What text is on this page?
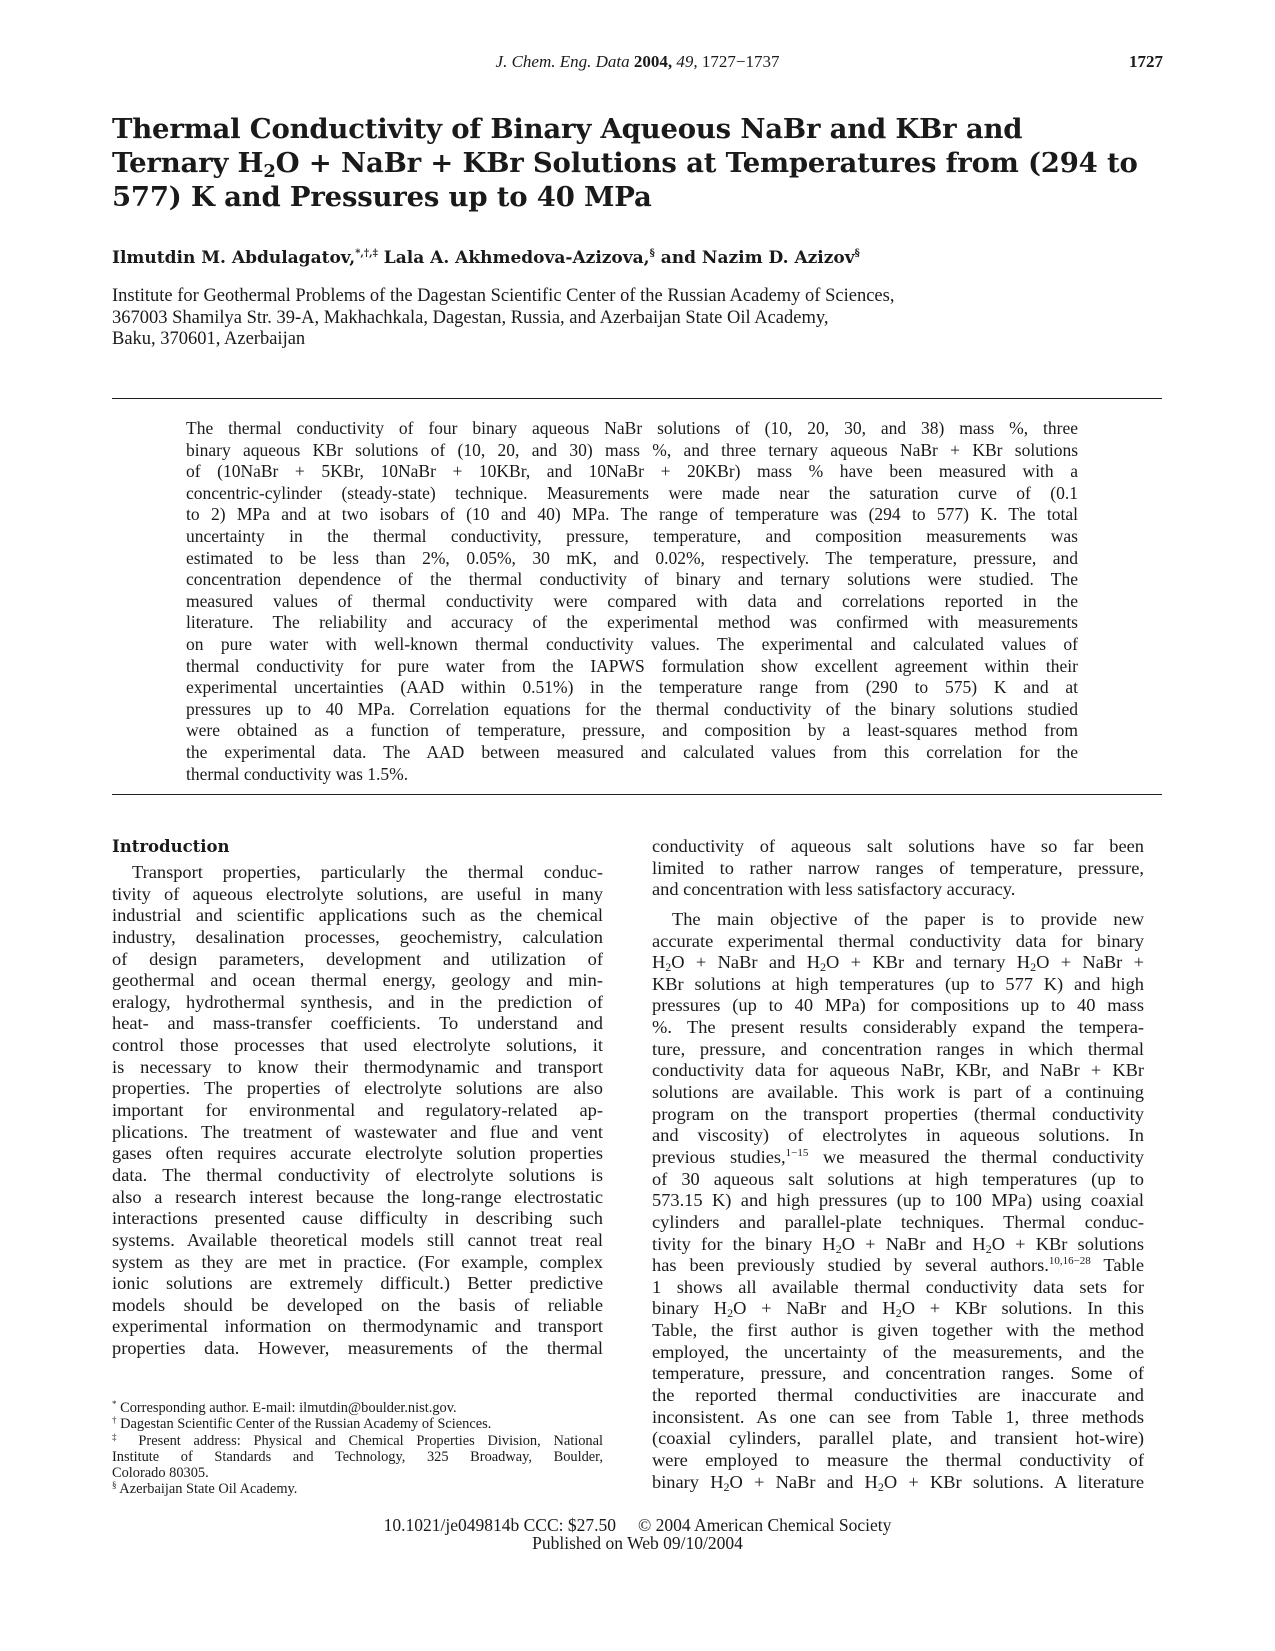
J. Chem. Eng. Data 2004, 49, 1727−1737	1727
Thermal Conductivity of Binary Aqueous NaBr and KBr and
Ternary $H_2O$ + NaBr + KBr Solutions at Temperatures from (294 to
577) K and Pressures up to 40 MPa
Ilmutdin M. Abdulagatov,*,†,‡ Lala A. Akhmedova-Azizova,§ and Nazim D. Azizov§
Institute for Geothermal Problems of the Dagestan Scientific Center of the Russian Academy of Sciences,
367003 Shamilya Str. 39-A, Makhachkala, Dagestan, Russia, and Azerbaijan State Oil Academy,
Baku, 370601, Azerbaijan
The thermal conductivity of four binary aqueous NaBr solutions of (10, 20, 30, and 38) mass %, three
binary aqueous KBr solutions of (10, 20, and 30) mass %, and three ternary aqueous NaBr + KBr solutions
of (10NaBr + 5KBr, 10NaBr + 10KBr, and 10NaBr + 20KBr) mass % have been measured with a
concentric-cylinder (steady-state) technique. Measurements were made near the saturation curve of (0.1
to 2) MPa and at two isobars of (10 and 40) MPa. The range of temperature was (294 to 577) K. The total
uncertainty in the thermal conductivity, pressure, temperature, and composition measurements was
estimated to be less than 2%, 0.05%, 30 mK, and 0.02%, respectively. The temperature, pressure, and
concentration dependence of the thermal conductivity of binary and ternary solutions were studied. The
measured values of thermal conductivity were compared with data and correlations reported in the
literature. The reliability and accuracy of the experimental method was confirmed with measurements
on pure water with well-known thermal conductivity values. The experimental and calculated values of
thermal conductivity for pure water from the IAPWS formulation show excellent agreement within their
experimental uncertainties (AAD within 0.51%) in the temperature range from (290 to 575) K and at
pressures up to 40 MPa. Correlation equations for the thermal conductivity of the binary solutions studied
were obtained as a function of temperature, pressure, and composition by a least-squares method from
the experimental data. The AAD between measured and calculated values from this correlation for the
thermal conductivity was 1.5%.
Introduction
Transport properties, particularly the thermal conduc-
tivity of aqueous electrolyte solutions, are useful in many
industrial and scientific applications such as the chemical
industry, desalination processes, geochemistry, calculation
of design parameters, development and utilization of
geothermal and ocean thermal energy, geology and min-
eralogy, hydrothermal synthesis, and in the prediction of
heat- and mass-transfer coefficients. To understand and
control those processes that used electrolyte solutions, it
is necessary to know their thermodynamic and transport
properties. The properties of electrolyte solutions are also
important for environmental and regulatory-related ap-
plications. The treatment of wastewater and flue and vent
gases often requires accurate electrolyte solution properties
data. The thermal conductivity of electrolyte solutions is
also a research interest because the long-range electrostatic
interactions presented cause difficulty in describing such
systems. Available theoretical models still cannot treat real
system as they are met in practice. (For example, complex
ionic solutions are extremely difficult.) Better predictive
models should be developed on the basis of reliable
experimental information on thermodynamic and transport
properties data. However, measurements of the thermal
conductivity of aqueous salt solutions have so far been
limited to rather narrow ranges of temperature, pressure,
and concentration with less satisfactory accuracy.
The main objective of the paper is to provide new
accurate experimental thermal conductivity data for binary
$H_2O$ + NaBr and $H_2O$ + KBr and ternary $H_2O$ + NaBr +
KBr solutions at high temperatures (up to 577 K) and high
pressures (up to 40 MPa) for compositions up to 40 mass
%. The present results considerably expand the tempera-
ture, pressure, and concentration ranges in which thermal
conductivity data for aqueous NaBr, KBr, and NaBr + KBr
solutions are available. This work is part of a continuing
program on the transport properties (thermal conductivity
and viscosity) of electrolytes in aqueous solutions. In
previous studies,$^{1-15}$ we measured the thermal conductivity
of 30 aqueous salt solutions at high temperatures (up to
573.15 K) and high pressures (up to 100 MPa) using coaxial
cylinders and parallel-plate techniques. Thermal conduc-
tivity for the binary $H_2O$ + NaBr and $H_2O$ + KBr solutions
has been previously studied by several authors.$^{10,16-28}$ Table
1 shows all available thermal conductivity data sets for
binary $H_2O$ + NaBr and $H_2O$ + KBr solutions. In this
Table, the first author is given together with the method
employed, the uncertainty of the measurements, and the
temperature, pressure, and concentration ranges. Some of
the reported thermal conductivities are inaccurate and
inconsistent. As one can see from Table 1, three methods
(coaxial cylinders, parallel plate, and transient hot-wire)
were employed to measure the thermal conductivity of
binary $H_2O$ + NaBr and $H_2O$ + KBr solutions. A literature
* Corresponding author. E-mail: ilmutdin@boulder.nist.gov.
† Dagestan Scientific Center of the Russian Academy of Sciences.
‡ Present address: Physical and Chemical Properties Division, National
Institute of Standards and Technology, 325 Broadway, Boulder,
Colorado 80305.
§ Azerbaijan State Oil Academy.
10.1021/je049814b CCC: $27.50 © 2004 American Chemical Society
Published on Web 09/10/2004
